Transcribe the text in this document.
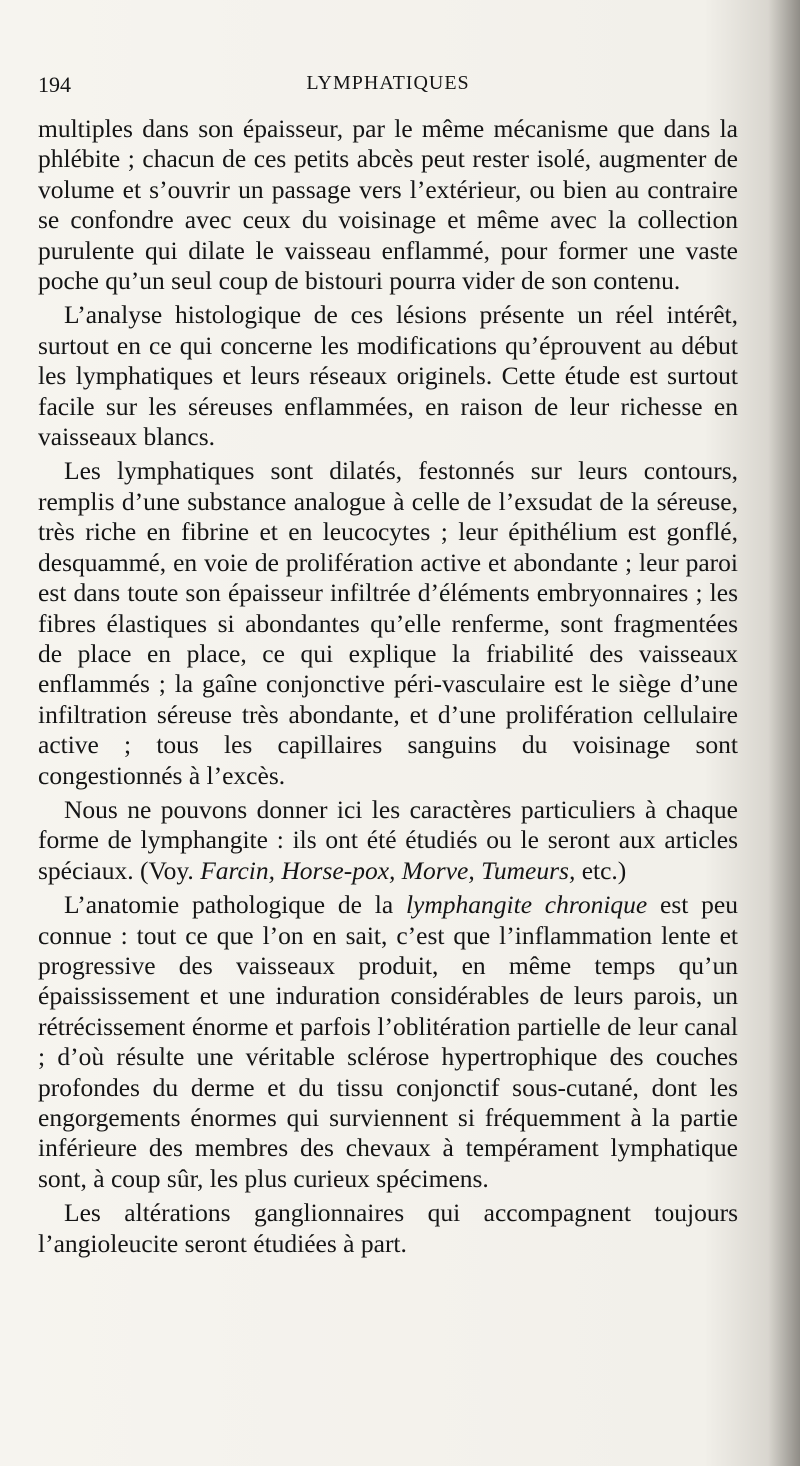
194	LYMPHATIQUES

multiples dans son épaisseur, par le même mécanisme que dans la phlébite ; chacun de ces petits abcès peut rester isolé, augmenter de volume et s’ouvrir un passage vers l’extérieur, ou bien au contraire se confondre avec ceux du voisinage et même avec la collection purulente qui dilate le vaisseau enflammé, pour former une vaste poche qu’un seul coup de bistouri pourra vider de son contenu.

L’analyse histologique de ces lésions présente un réel intérêt, surtout en ce qui concerne les modifications qu’éprouvent au début les lymphatiques et leurs réseaux originels. Cette étude est surtout facile sur les séreuses enflammées, en raison de leur richesse en vaisseaux blancs.

Les lymphatiques sont dilatés, festonnés sur leurs contours, remplis d’une substance analogue à celle de l’exsudat de la séreuse, très riche en fibrine et en leucocytes ; leur épithélium est gonflé, desquammé, en voie de prolifération active et abondante ; leur paroi est dans toute son épaisseur infiltrée d’éléments embryonnaires ; les fibres élastiques si abondantes qu’elle renferme, sont fragmentées de place en place, ce qui explique la friabilité des vaisseaux enflammés ; la gaîne conjonctive péri-vasculaire est le siège d’une infiltration séreuse très abondante, et d’une prolifération cellulaire active ; tous les capillaires sanguins du voisinage sont congestionnés à l’excès.

Nous ne pouvons donner ici les caractères particuliers à chaque forme de lymphangite : ils ont été étudiés ou le seront aux articles spéciaux. (Voy. Farcin, Horse-pox, Morve, Tumeurs, etc.)

L’anatomie pathologique de la lymphangite chronique est peu connue : tout ce que l’on en sait, c’est que l’inflammation lente et progressive des vaisseaux produit, en même temps qu’un épaississement et une induration considérables de leurs parois, un rétrécissement énorme et parfois l’oblitération partielle de leur canal ; d’où résulte une véritable sclérose hypertrophique des couches profondes du derme et du tissu conjonctif sous-cutané, dont les engorgements énormes qui surviennent si fréquemment à la partie inférieure des membres des chevaux à tempérament lymphatique sont, à coup sûr, les plus curieux spécimens.

Les altérations ganglionnaires qui accompagnent toujours l’angioleucite seront étudiées à part.
